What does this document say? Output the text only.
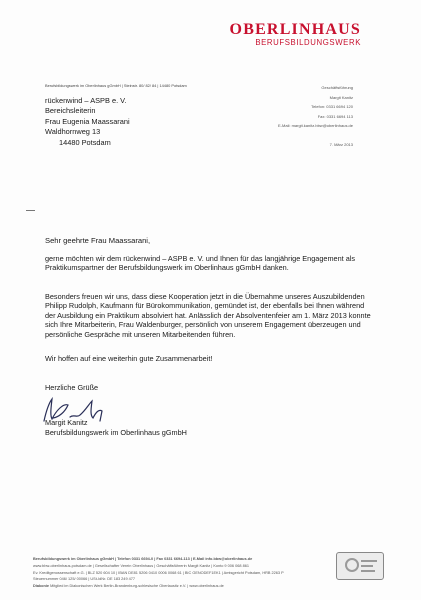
OBERLINHAUS
BERUFSBILDUNGSWERK
Berufsbildungswerk im Oberlinhaus gGmbH | Steinstr. 80/ 82/ 84 | 14480 Potsdam
rückenwind – ASPB e. V.
Bereichsleiterin
Frau Eugenia Maassarani
Waldhornweg 13
14480 Potsdam
Geschäftsführung
Margit Kanitz
Telefon: 0331 6694 120
Fax: 0331 6694 113
E-Mail: margit.kanitz.bbw@oberlinhaus.de
7. März 2013
Sehr geehrte Frau Maassarani,
gerne möchten wir dem rückenwind – ASPB e. V. und Ihnen für das langjährige Engagement als Praktikumspartner der Berufsbildungswerk im Oberlinhaus gGmbH danken.
Besonders freuen wir uns, dass diese Kooperation jetzt in die Übernahme unseres Auszubildenden Philipp Rudolph, Kaufmann für Bürokommunikation, gemündet ist, der ebenfalls bei Ihnen während der Ausbildung ein Praktikum absolviert hat. Anlässlich der Absolventenfeier am 1. März 2013 konnte sich Ihre Mitarbeiterin, Frau Waldenburger, persönlich von unserem Engagement überzeugen und persönliche Gespräche mit unseren Mitarbeitenden führen.
Wir hoffen auf eine weiterhin gute Zusammenarbeit!
Herzliche Grüße
Margit Kanitz
Berufsbildungswerk im Oberlinhaus gGmbH
Berufsbildungswerk im Oberlinhaus gGmbH | Telefon 0331 6694-0 | Fax 0331 6694-113 | E-Mail info.bbw@oberlinhaus.de
www.bbw-oberlinhaus-potsdam.de | Gesellschafter Verein Oberlinhaus | Geschäftsführerin Margit Kanitz | Konto 9 006 068 861
Ev. Kreditgenossenschaft e.G. | BLZ 520 604 10 | IBAN DE81 5206 0410 0006 0068 61 | BIC GENODEF1EK1 | Amtsgericht Potsdam, HRB 2263 P
Steuernummer 046/ 125/ 00066 | USt-IdNr. DE 183 249 477
Diakonie Mitglied im Diakonischen Werk Berlin-Brandenburg-schlesische Oberlausitz e.V. | www.oberlinhaus.de
